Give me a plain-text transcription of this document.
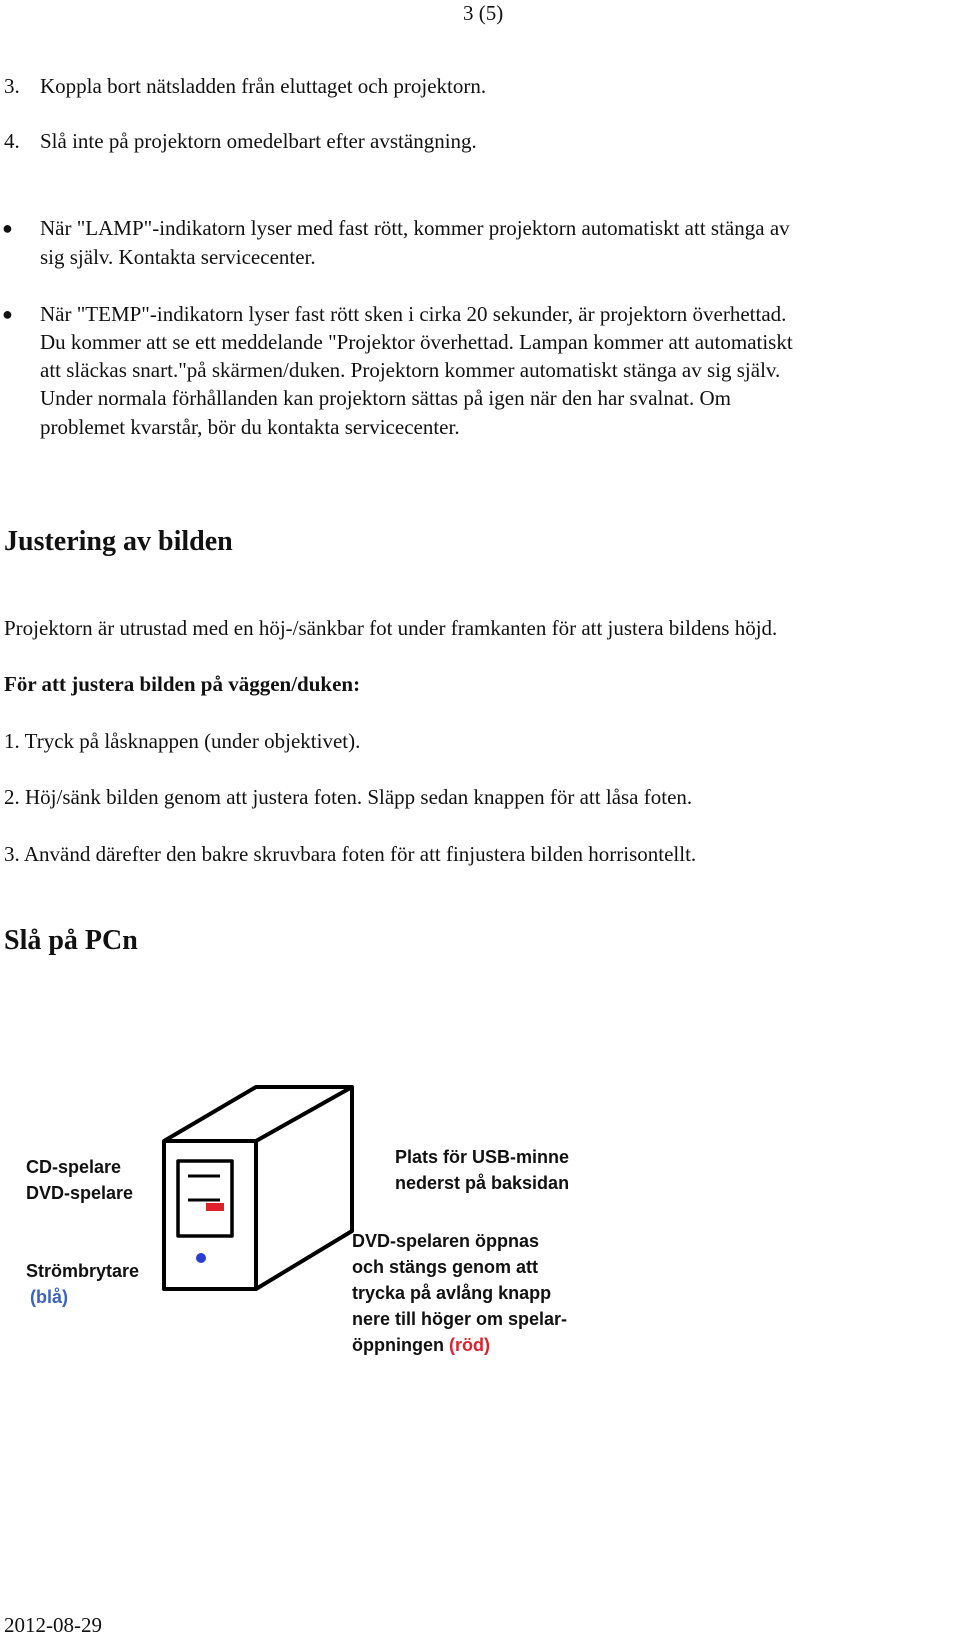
3 (5)
3. Koppla bort nätsladden från eluttaget och projektorn.
4. Slå inte på projektorn omedelbart efter avstängning.
● När "LAMP"-indikatorn lyser med fast rött, kommer projektorn automatiskt att stänga av
sig själv. Kontakta servicecenter.
● När "TEMP"-indikatorn lyser fast rött sken i cirka 20 sekunder, är projektorn överhettad.
Du kommer att se ett meddelande "Projektor överhettad. Lampan kommer att automatiskt
att släckas snart."på skärmen/duken. Projektorn kommer automatiskt stänga av sig själv.
Under normala förhållanden kan projektorn sättas på igen när den har svalnat. Om
problemet kvarstår, bör du kontakta servicecenter.
Justering av bilden
Projektorn är utrustad med en höj-/sänkbar fot under framkanten för att justera bildens höjd.
För att justera bilden på väggen/duken:
1. Tryck på låsknappen (under objektivet).
2. Höj/sänk bilden genom att justera foten. Släpp sedan knappen för att låsa foten.
3. Använd därefter den bakre skruvbara foten för att finjustera bilden horrisontellt.
Slå på PCn
CD-spelare
DVD-spelare
Strömbrytare
(blå)
Plats för USB-minne
nederst på baksidan
DVD-spelaren öppnas
och stängs genom att
trycka på avlång knapp
nere till höger om spelar-
öppningen (röd)
2012-08-29
